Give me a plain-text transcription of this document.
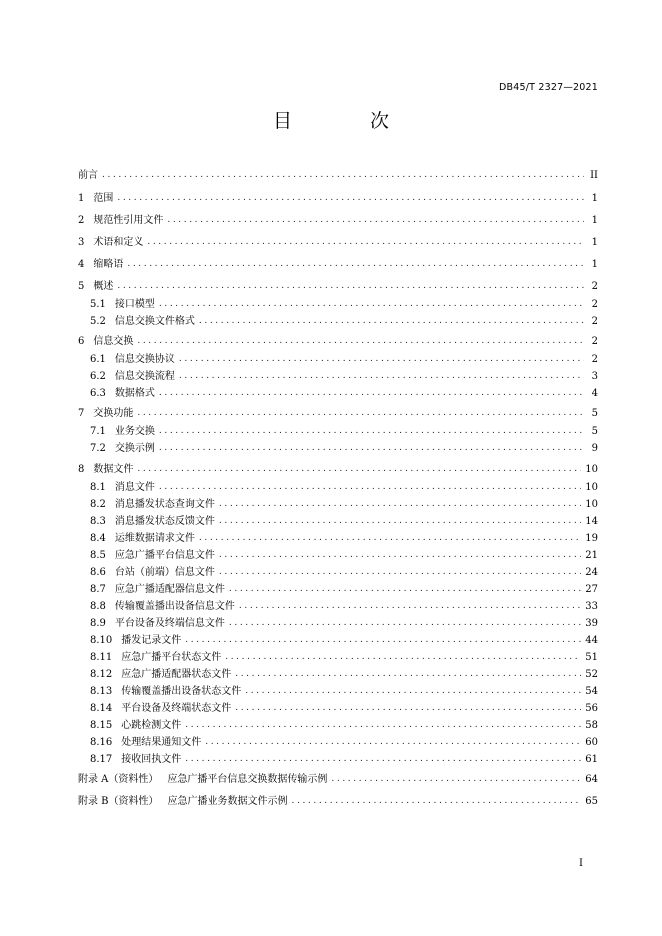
DB45/T 2327—2021
目 次
前言 .....	II
1 范围 .....	1
2 规范性引用文件 .....	1
3 术语和定义 .....	1
4 缩略语 .....	1
5 概述 .....	2
5.1 接口模型 .....	2
5.2 信息交换文件格式 .....	2
6 信息交换 .....	2
6.1 信息交换协议 .....	2
6.2 信息交换流程 .....	3
6.3 数据格式 .....	4
7 交换功能 .....	5
7.1 业务交换 .....	5
7.2 交换示例 .....	9
8 数据文件 .....	10
8.1 消息文件 .....	10
8.2 消息播发状态查询文件 .....	10
8.3 消息播发状态反馈文件 .....	14
8.4 运维数据请求文件 .....	19
8.5 应急广播平台信息文件 .....	21
8.6 台站（前端）信息文件 .....	24
8.7 应急广播适配器信息文件 .....	27
8.8 传输覆盖播出设备信息文件 .....	33
8.9 平台设备及终端信息文件 .....	39
8.10 播发记录文件 .....	44
8.11 应急广播平台状态文件 .....	51
8.12 应急广播适配器状态文件 .....	52
8.13 传输覆盖播出设备状态文件 .....	54
8.14 平台设备及终端状态文件 .....	56
8.15 心跳检测文件 .....	58
8.16 处理结果通知文件 .....	60
8.17 接收回执文件 .....	61
附录 A（资料性） 应急广播平台信息交换数据传输示例 .....	64
附录 B（资料性） 应急广播业务数据文件示例 .....	65
I
